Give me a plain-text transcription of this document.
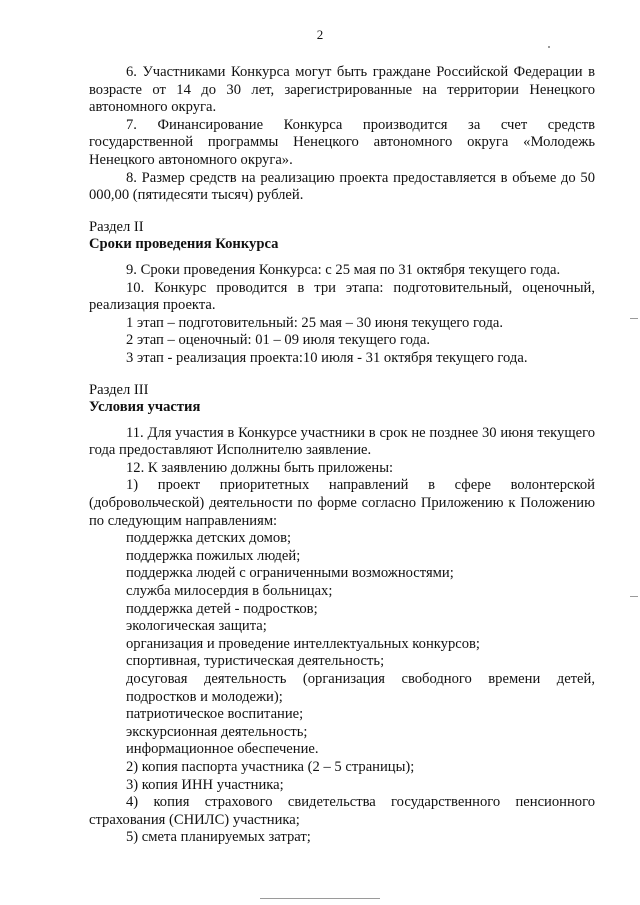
2

6. Участниками Конкурса могут быть граждане Российской Федерации в возрасте от 14 до 30 лет, зарегистрированные на территории Ненецкого автономного округа.

7. Финансирование Конкурса производится за счет средств государственной программы Ненецкого автономного округа «Молодежь Ненецкого автономного округа».

8. Размер средств на реализацию проекта предоставляется в объеме до 50 000,00 (пятидесяти тысяч) рублей.

Раздел II

Сроки проведения Конкурса

9. Сроки проведения Конкурса: с 25 мая по 31 октября текущего года.

10. Конкурс проводится в три этапа: подготовительный, оценочный, реализация проекта.

1 этап – подготовительный: 25 мая – 30 июня текущего года.

2 этап – оценочный: 01 – 09 июля текущего года.

3 этап - реализация проекта:10 июля - 31 октября текущего года.

Раздел III

Условия участия

11. Для участия в Конкурсе участники в срок не позднее 30 июня текущего года предоставляют Исполнителю заявление.

12. К заявлению должны быть приложены:

1) проект приоритетных направлений в сфере волонтерской (добровольческой) деятельности по форме согласно Приложению к Положению по следующим направлениям:

поддержка детских домов;

поддержка пожилых людей;

поддержка людей с ограниченными возможностями;

служба милосердия в больницах;

поддержка детей - подростков;

экологическая защита;

организация и проведение интеллектуальных конкурсов;

спортивная, туристическая деятельность;

досуговая деятельность (организация свободного времени детей, подростков и молодежи);

патриотическое воспитание;

экскурсионная деятельность;

информационное обеспечение.

2) копия паспорта участника (2 – 5 страницы);

3) копия ИНН участника;

4) копия страхового свидетельства государственного пенсионного страхования (СНИЛС) участника;

5) смета планируемых затрат;
